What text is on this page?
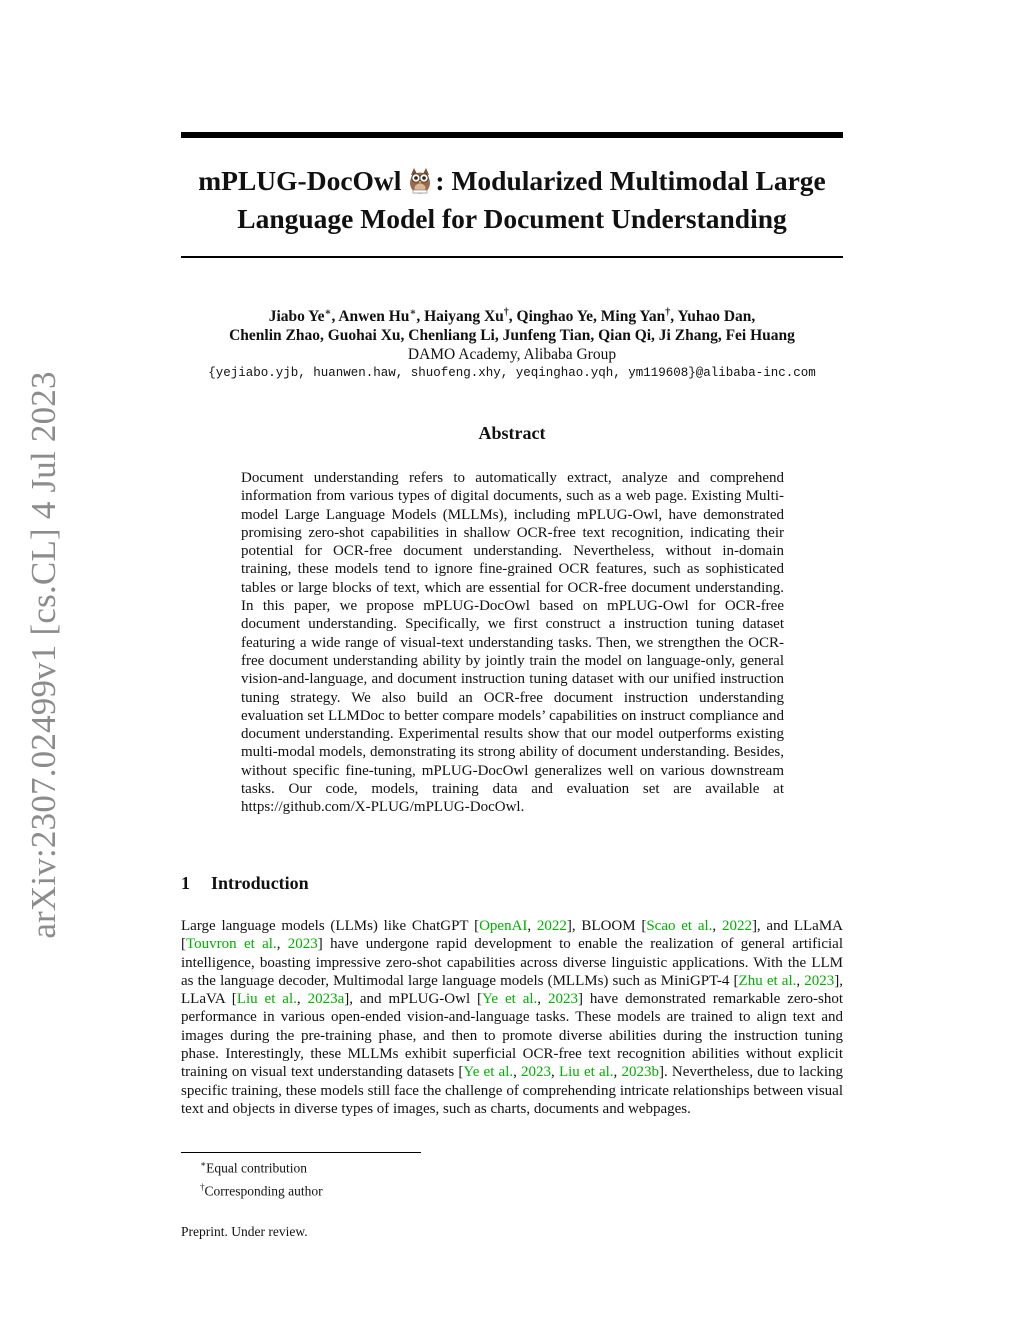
arXiv:2307.02499v1 [cs.CL] 4 Jul 2023
mPLUG-DocOwl : Modularized Multimodal Large
Language Model for Document Understanding
Jiabo Ye∗, Anwen Hu∗, Haiyang Xu†, Qinghao Ye, Ming Yan†, Yuhao Dan,
Chenlin Zhao, Guohai Xu, Chenliang Li, Junfeng Tian, Qian Qi, Ji Zhang, Fei Huang
DAMO Academy, Alibaba Group
{yejiabo.yjb, huanwen.haw, shuofeng.xhy, yeqinghao.yqh, ym119608}@alibaba-inc.com
Abstract
Document understanding refers to automatically extract, analyze and comprehend information from various types of digital documents, such as a web page. Existing Multi-model Large Language Models (MLLMs), including mPLUG-Owl, have demonstrated promising zero-shot capabilities in shallow OCR-free text recognition, indicating their potential for OCR-free document understanding. Nevertheless, without in-domain training, these models tend to ignore fine-grained OCR features, such as sophisticated tables or large blocks of text, which are essential for OCR-free document understanding. In this paper, we propose mPLUG-DocOwl based on mPLUG-Owl for OCR-free document understanding. Specifically, we first construct a instruction tuning dataset featuring a wide range of visual-text understanding tasks. Then, we strengthen the OCR-free document understanding ability by jointly train the model on language-only, general vision-and-language, and document instruction tuning dataset with our unified instruction tuning strategy. We also build an OCR-free document instruction understanding evaluation set LLMDoc to better compare models’ capabilities on instruct compliance and document understanding. Experimental results show that our model outperforms existing multi-modal models, demonstrating its strong ability of document understanding. Besides, without specific fine-tuning, mPLUG-DocOwl generalizes well on various downstream tasks. Our code, models, training data and evaluation set are available at https://github.com/X-PLUG/mPLUG-DocOwl.
1 Introduction
Large language models (LLMs) like ChatGPT [OpenAI, 2022], BLOOM [Scao et al., 2022], and LLaMA [Touvron et al., 2023] have undergone rapid development to enable the realization of general artificial intelligence, boasting impressive zero-shot capabilities across diverse linguistic applications. With the LLM as the language decoder, Multimodal large language models (MLLMs) such as MiniGPT-4 [Zhu et al., 2023], LLaVA [Liu et al., 2023a], and mPLUG-Owl [Ye et al., 2023] have demonstrated remarkable zero-shot performance in various open-ended vision-and-language tasks. These models are trained to align text and images during the pre-training phase, and then to promote diverse abilities during the instruction tuning phase. Interestingly, these MLLMs exhibit superficial OCR-free text recognition abilities without explicit training on visual text understanding datasets [Ye et al., 2023, Liu et al., 2023b]. Nevertheless, due to lacking specific training, these models still face the challenge of comprehending intricate relationships between visual text and objects in diverse types of images, such as charts, documents and webpages.
∗Equal contribution
†Corresponding author
Preprint. Under review.
